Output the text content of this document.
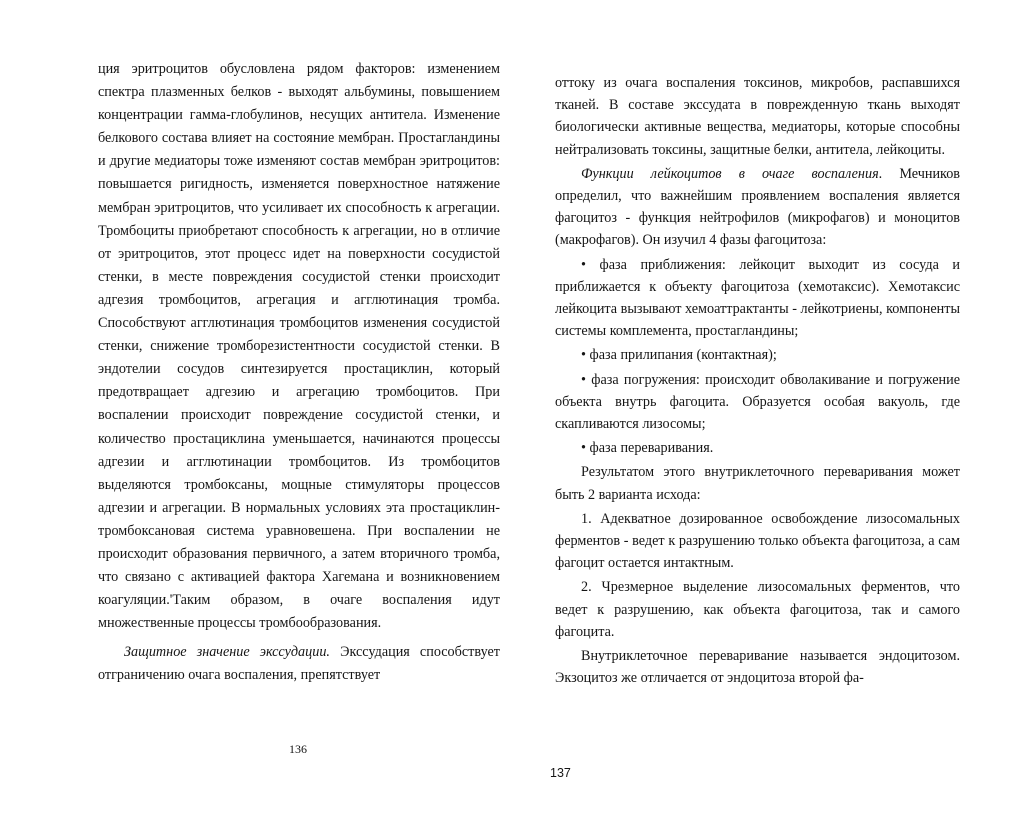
ция эритроцитов обусловлена рядом факторов: изменением спектра плазменных белков - выходят альбумины, повышением концентрации гамма-глобулинов, несущих антитела. Изменение белкового состава влияет на состояние мембран. Простагландины и другие медиаторы тоже изменяют состав мембран эритроцитов: повышается ригидность, изменяется поверхностное натяжение мембран эритроцитов, что усиливает их способность к агрегации. Тромбоциты приобретают способность к агрегации, но в отличие от эритроцитов, этот процесс идет на поверхности сосудистой стенки, в месте повреждения сосудистой стенки происходит адгезия тромбоцитов, агрегация и агглютинация тромба. Способствуют агглютинация тромбоцитов изменения сосудистой стенки, снижение тромборезистентности сосудистой стенки. В эндотелии сосудов синтезируется простациклин, который предотвращает адгезию и агрегацию тромбоцитов. При воспалении происходит повреждение сосудистой стенки, и количество простациклина уменьшается, начинаются процессы адгезии и агглютинации тромбоцитов. Из тромбоцитов выделяются тромбоксаны, мощные стимуляторы процессов адгезии и агрегации. В нормальных условиях эта простациклин-тромбоксановая система уравновешена. При воспалении не происходит образования первичного, а затем вторичного тромба, что связано с активацией фактора Хагемана и возникновением коагуляции.'Таким образом, в очаге воспаления идут множественные процессы тромбообразования.

Защитное значение экссудации. Экссудация способствует отграничению очага воспаления, препятствует

136

оттоку из очага воспаления токсинов, микробов, распавшихся тканей. В составе экссудата в поврежденную ткань выходят биологически активные вещества, медиаторы, которые способны нейтрализовать токсины, защитные белки, антитела, лейкоциты.

Функции лейкоцитов в очаге воспаления. Мечников определил, что важнейшим проявлением воспаления является фагоцитоз - функция нейтрофилов (микрофагов) и моноцитов (макрофагов). Он изучил 4 фазы фагоцитоза:

• фаза приближения: лейкоцит выходит из сосуда и приближается к объекту фагоцитоза (хемотаксис). Хемотаксис лейкоцита вызывают хемоаттрактанты - лейкотриены, компоненты системы комплемента, простагландины;

• фаза прилипания (контактная);

• фаза погружения: происходит обволакивание и погружение объекта внутрь фагоцита. Образуется особая вакуоль, где скапливаются лизосомы;

• фаза переваривания.

Результатом этого внутриклеточного переваривания может быть 2 варианта исхода:

1. Адекватное дозированное освобождение лизосомальных ферментов - ведет к разрушению только объекта фагоцитоза, а сам фагоцит остается интактным.

2. Чрезмерное выделение лизосомальных ферментов, что ведет к разрушению, как объекта фагоцитоза, так и самого фагоцита.

Внутриклеточное переваривание называется эндоцитозом. Экзоцитоз же отличается от эндоцитоза второй фа-

137
